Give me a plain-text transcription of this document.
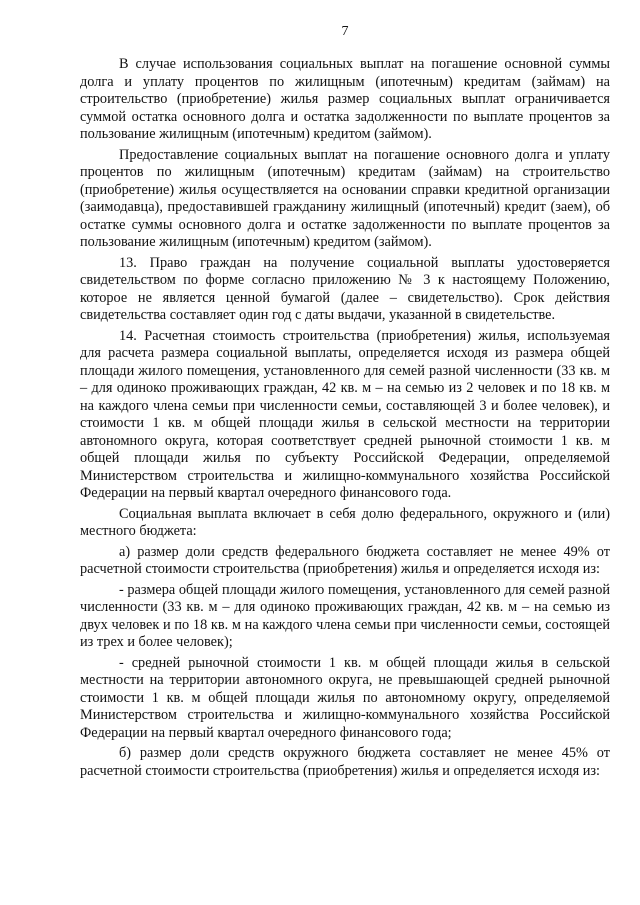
7

В случае использования социальных выплат на погашение основной суммы долга и уплату процентов по жилищным (ипотечным) кредитам (займам) на строительство (приобретение) жилья размер социальных выплат ограничивается суммой остатка основного долга и остатка задолженности по выплате процентов за пользование жилищным (ипотечным) кредитом (займом).

Предоставление социальных выплат на погашение основного долга и уплату процентов по жилищным (ипотечным) кредитам (займам) на строительство (приобретение) жилья осуществляется на основании справки кредитной организации (заимодавца), предоставившей гражданину жилищный (ипотечный) кредит (заем), об остатке суммы основного долга и остатке задолженности по выплате процентов за пользование жилищным (ипотечным) кредитом (займом).

13. Право граждан на получение социальной выплаты удостоверяется свидетельством по форме согласно приложению № 3 к настоящему Положению, которое не является ценной бумагой (далее – свидетельство). Срок действия свидетельства составляет один год с даты выдачи, указанной в свидетельстве.

14. Расчетная стоимость строительства (приобретения) жилья, используемая для расчета размера социальной выплаты, определяется исходя из размера общей площади жилого помещения, установленного для семей разной численности (33 кв. м – для одиноко проживающих граждан, 42 кв. м – на семью из 2 человек и по 18 кв. м на каждого члена семьи при численности семьи, составляющей 3 и более человек), и стоимости 1 кв. м общей площади жилья в сельской местности на территории автономного округа, которая соответствует средней рыночной стоимости 1 кв. м общей площади жилья по субъекту Российской Федерации, определяемой Министерством строительства и жилищно-коммунального хозяйства Российской Федерации на первый квартал очередного финансового года.

Социальная выплата включает в себя долю федерального, окружного и (или) местного бюджета:

а) размер доли средств федерального бюджета составляет не менее 49% от расчетной стоимости строительства (приобретения) жилья и определяется исходя из:

- размера общей площади жилого помещения, установленного для семей разной численности (33 кв. м – для одиноко проживающих граждан, 42 кв. м – на семью из двух человек и по 18 кв. м на каждого члена семьи при численности семьи, состоящей из трех и более человек);

- средней рыночной стоимости 1 кв. м общей площади жилья в сельской местности на территории автономного округа, не превышающей средней рыночной стоимости 1 кв. м общей площади жилья по автономному округу, определяемой Министерством строительства и жилищно-коммунального хозяйства Российской Федерации на первый квартал очередного финансового года;

б) размер доли средств окружного бюджета составляет не менее 45% от расчетной стоимости строительства (приобретения) жилья и определяется исходя из:
